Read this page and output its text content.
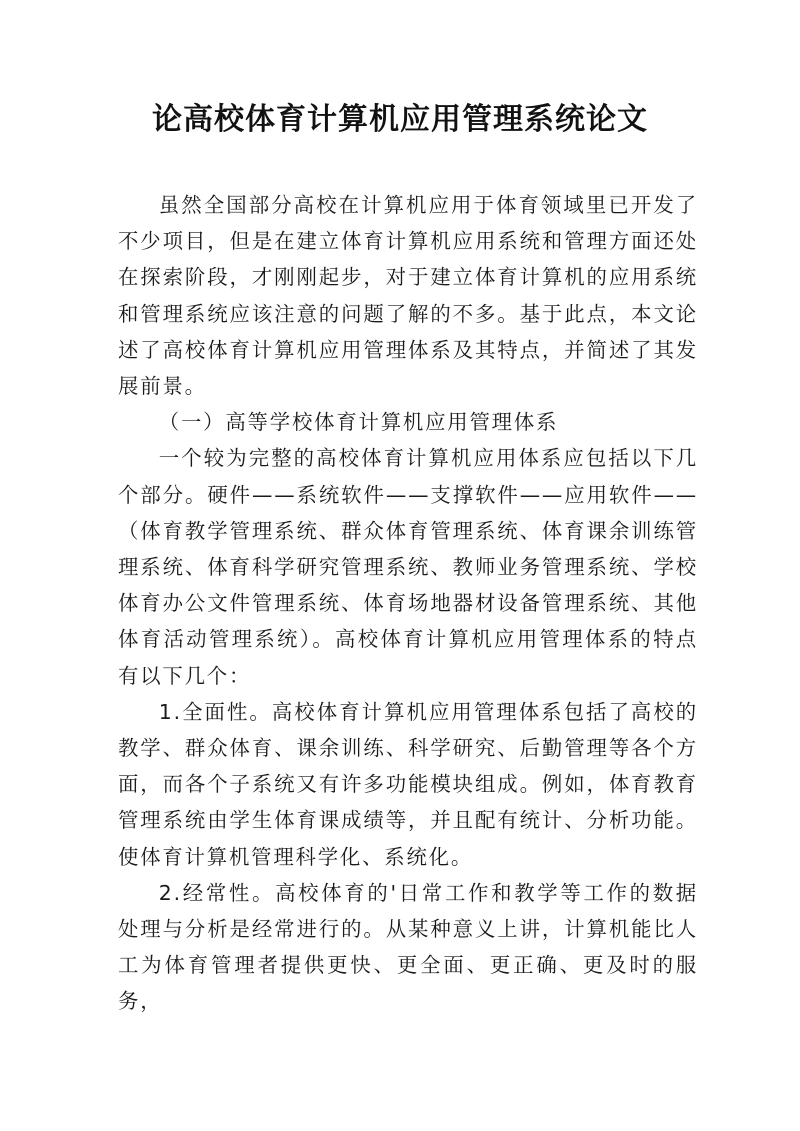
论高校体育计算机应用管理系统论文

虽然全国部分高校在计算机应用于体育领域里已开发了不少项目，但是在建立体育计算机应用系统和管理方面还处在探索阶段，才刚刚起步，对于建立体育计算机的应用系统和管理系统应该注意的问题了解的不多。基于此点，本文论述了高校体育计算机应用管理体系及其特点，并简述了其发展前景。

（一）高等学校体育计算机应用管理体系

一个较为完整的高校体育计算机应用体系应包括以下几个部分。硬件——系统软件——支撑软件——应用软件——（体育教学管理系统、群众体育管理系统、体育课余训练管理系统、体育科学研究管理系统、教师业务管理系统、学校体育办公文件管理系统、体育场地器材设备管理系统、其他体育活动管理系统）。高校体育计算机应用管理体系的特点有以下几个：

1.全面性。高校体育计算机应用管理体系包括了高校的教学、群众体育、课余训练、科学研究、后勤管理等各个方面，而各个子系统又有许多功能模块组成。例如，体育教育管理系统由学生体育课成绩等，并且配有统计、分析功能。使体育计算机管理科学化、系统化。

2.经常性。高校体育的'日常工作和教学等工作的数据处理与分析是经常进行的。从某种意义上讲，计算机能比人工为体育管理者提供更快、更全面、更正确、更及时的服务，
